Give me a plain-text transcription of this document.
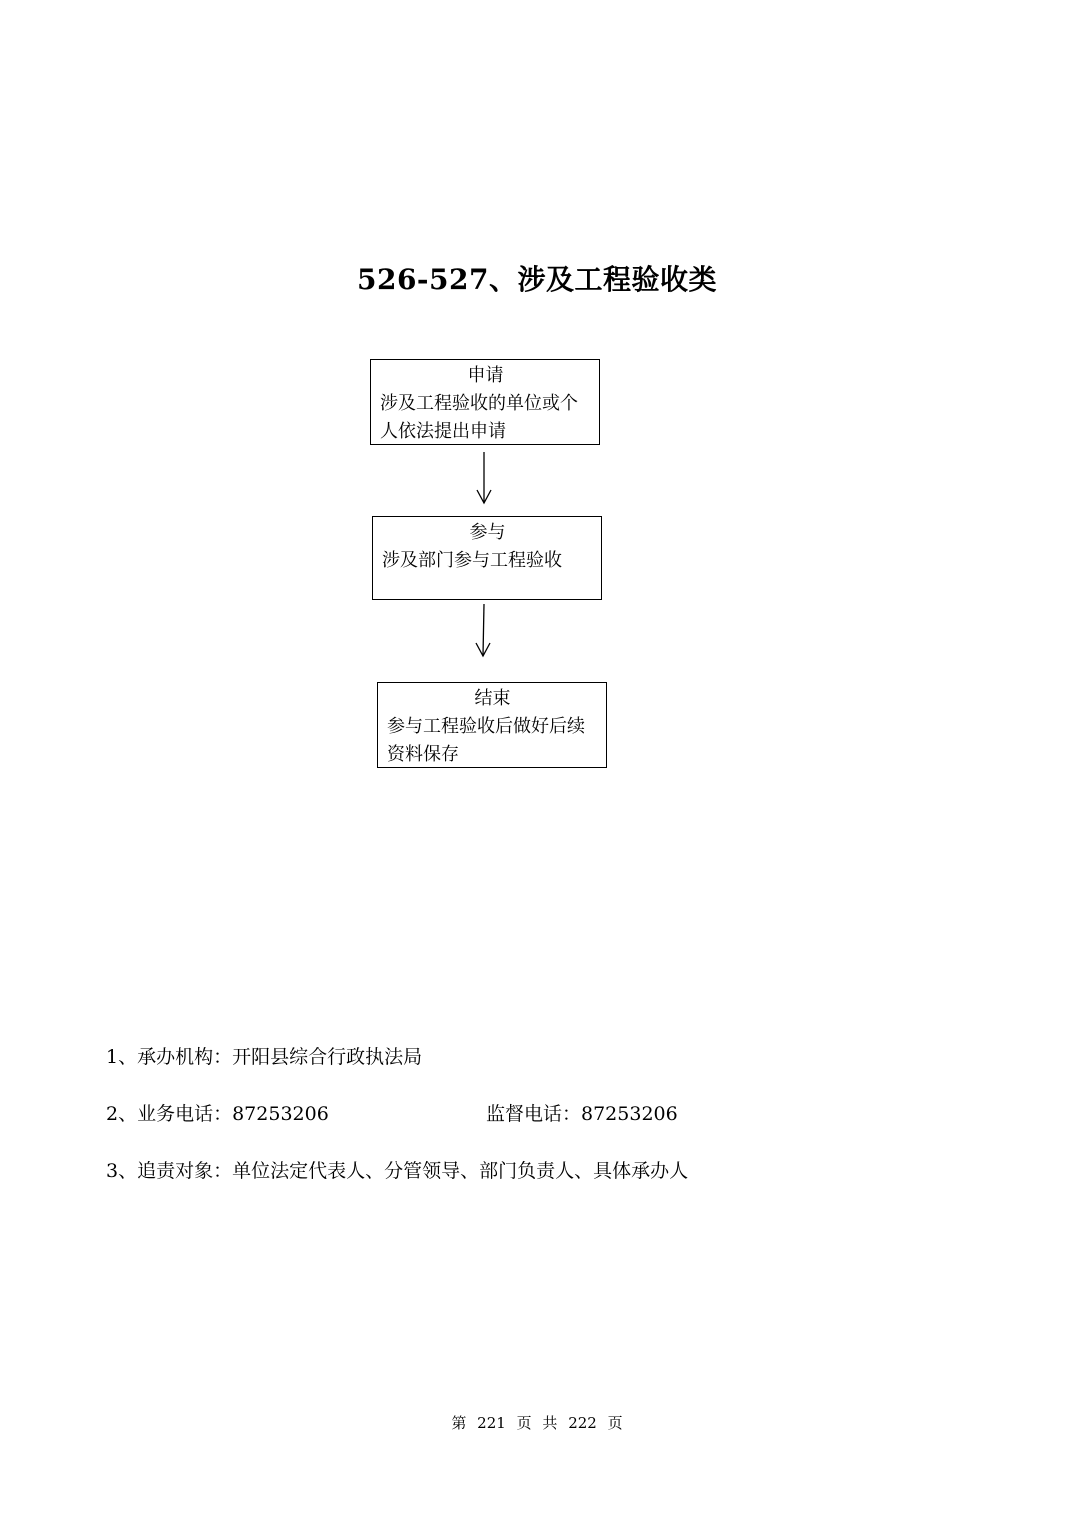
526-527、涉及工程验收类
申请
涉及工程验收的单位或个人依法提出申请
参与
涉及部门参与工程验收
结束
参与工程验收后做好后续资料保存
1、承办机构：开阳县综合行政执法局
2、业务电话：87253206	监督电话：87253206
3、追责对象：单位法定代表人、分管领导、部门负责人、具体承办人
第 221 页 共 222 页
